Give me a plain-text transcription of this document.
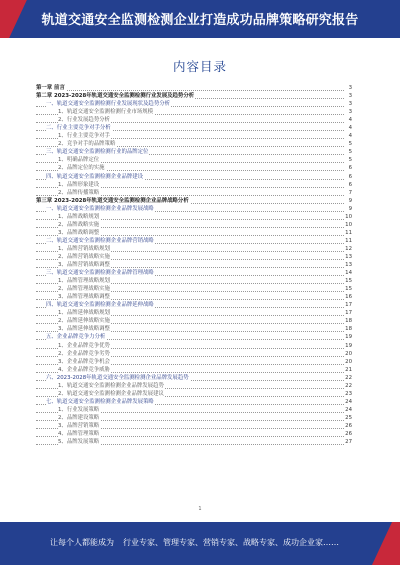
轨道交通安全监测检测企业打造成功品牌策略研究报告
内容目录
第一章 前言	3
第二章 2023-2028年轨道交通安全监测检测行业发展及趋势分析	3
一、轨道交通安全监测检测行业发展现状及趋势分析	3
1、轨道交通安全监测检测行业市场规模	3
2、行业发展趋势分析	4
二、行业主要竞争对手分析	4
1、行业主要竞争对手	4
2、竞争对手的品牌策略	5
三、轨道交通安全监测检测行业的品牌定位	5
1、明确品牌定位	5
2、品牌定位的实施	6
四、轨道交通安全监测检测企业品牌建设	6
1、品牌形象建设	6
2、品牌传播策略	7
第三章 2023-2028年轨道交通安全监测检测企业品牌战略分析	9
一、轨道交通安全监测检测企业品牌发展战略	9
1、品牌战略规划	10
2、品牌战略实施	10
3、品牌战略调整	11
二、轨道交通安全监测检测企业品牌营销战略	11
1、品牌营销战略规划	12
2、品牌营销战略实施	13
3、品牌营销战略调整	13
三、轨道交通安全监测检测企业品牌管理战略	14
1、品牌管理战略规划	15
2、品牌管理战略实施	15
3、品牌管理战略调整	16
四、轨道交通安全监测检测企业品牌延伸战略	17
1、品牌延伸战略规划	17
2、品牌延伸战略实施	18
3、品牌延伸战略调整	18
五、企业品牌竞争力分析	19
1、企业品牌竞争优势	19
2、企业品牌竞争劣势	20
3、企业品牌竞争机会	20
4、企业品牌竞争威胁	21
六、2023-2028年轨道交通安全监测检测企业品牌发展趋势	22
1、轨道交通安全监测检测企业品牌发展趋势	22
2、轨道交通安全监测检测企业品牌发展建议	23
七、轨道交通安全监测检测企业品牌发展策略	24
1、行业发展策略	24
2、品牌建设策略	25
3、品牌营销策略	26
4、品牌管理策略	26
5、品牌发展策略	27
1
让每个人都能成为 行业专家、管理专家、营销专家、战略专家、成功企业家……
